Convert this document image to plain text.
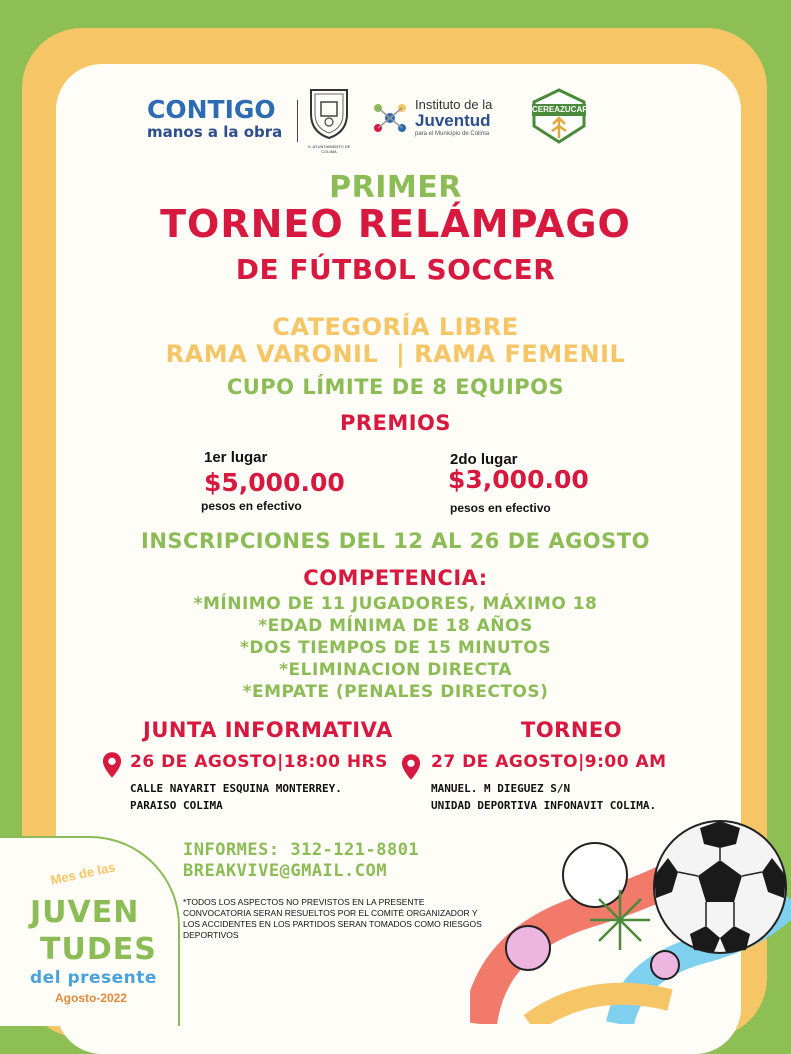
CONTIGO
manos a la obra
H. AYUNTAMIENTO DE COLIMA
Instituto de la
Juventud
para el Municipio de Colima
CEREAZUCAR
PRIMER
TORNEO RELÁMPAGO
DE FÚTBOL SOCCER
CATEGORÍA LIBRE
RAMA VARONIL  | RAMA FEMENIL
CUPO LÍMITE DE 8 EQUIPOS
PREMIOS
1er lugar
$5,000.00
pesos en efectivo
2do lugar
$3,000.00
pesos en efectivo
INSCRIPCIONES DEL 12 AL 26 DE AGOSTO
COMPETENCIA:
*MÍNIMO DE 11 JUGADORES, MÁXIMO 18
*EDAD MÍNIMA DE 18 AÑOS
*DOS TIEMPOS DE 15 MINUTOS
*ELIMINACION DIRECTA
*EMPATE (PENALES DIRECTOS)
JUNTA INFORMATIVA
26 DE AGOSTO|18:00 HRS
CALLE NAYARIT ESQUINA MONTERREY.
PARAISO COLIMA
TORNEO
27 DE AGOSTO|9:00 AM
MANUEL. M DIEGUEZ S/N
UNIDAD DEPORTIVA INFONAVIT COLIMA.
INFORMES: 312-121-8801
BREAKVIVE@GMAIL.COM
*TODOS LOS ASPECTOS NO PREVISTOS EN LA PRESENTE CONVOCATORIA SERAN RESUELTOS POR EL COMITÉ ORGANIZADOR Y LOS ACCIDENTES EN LOS PARTIDOS SERAN TOMADOS COMO RIESGOS DEPORTIVOS
Mes de las
JUVEN
TUDES
del presente
Agosto-2022
